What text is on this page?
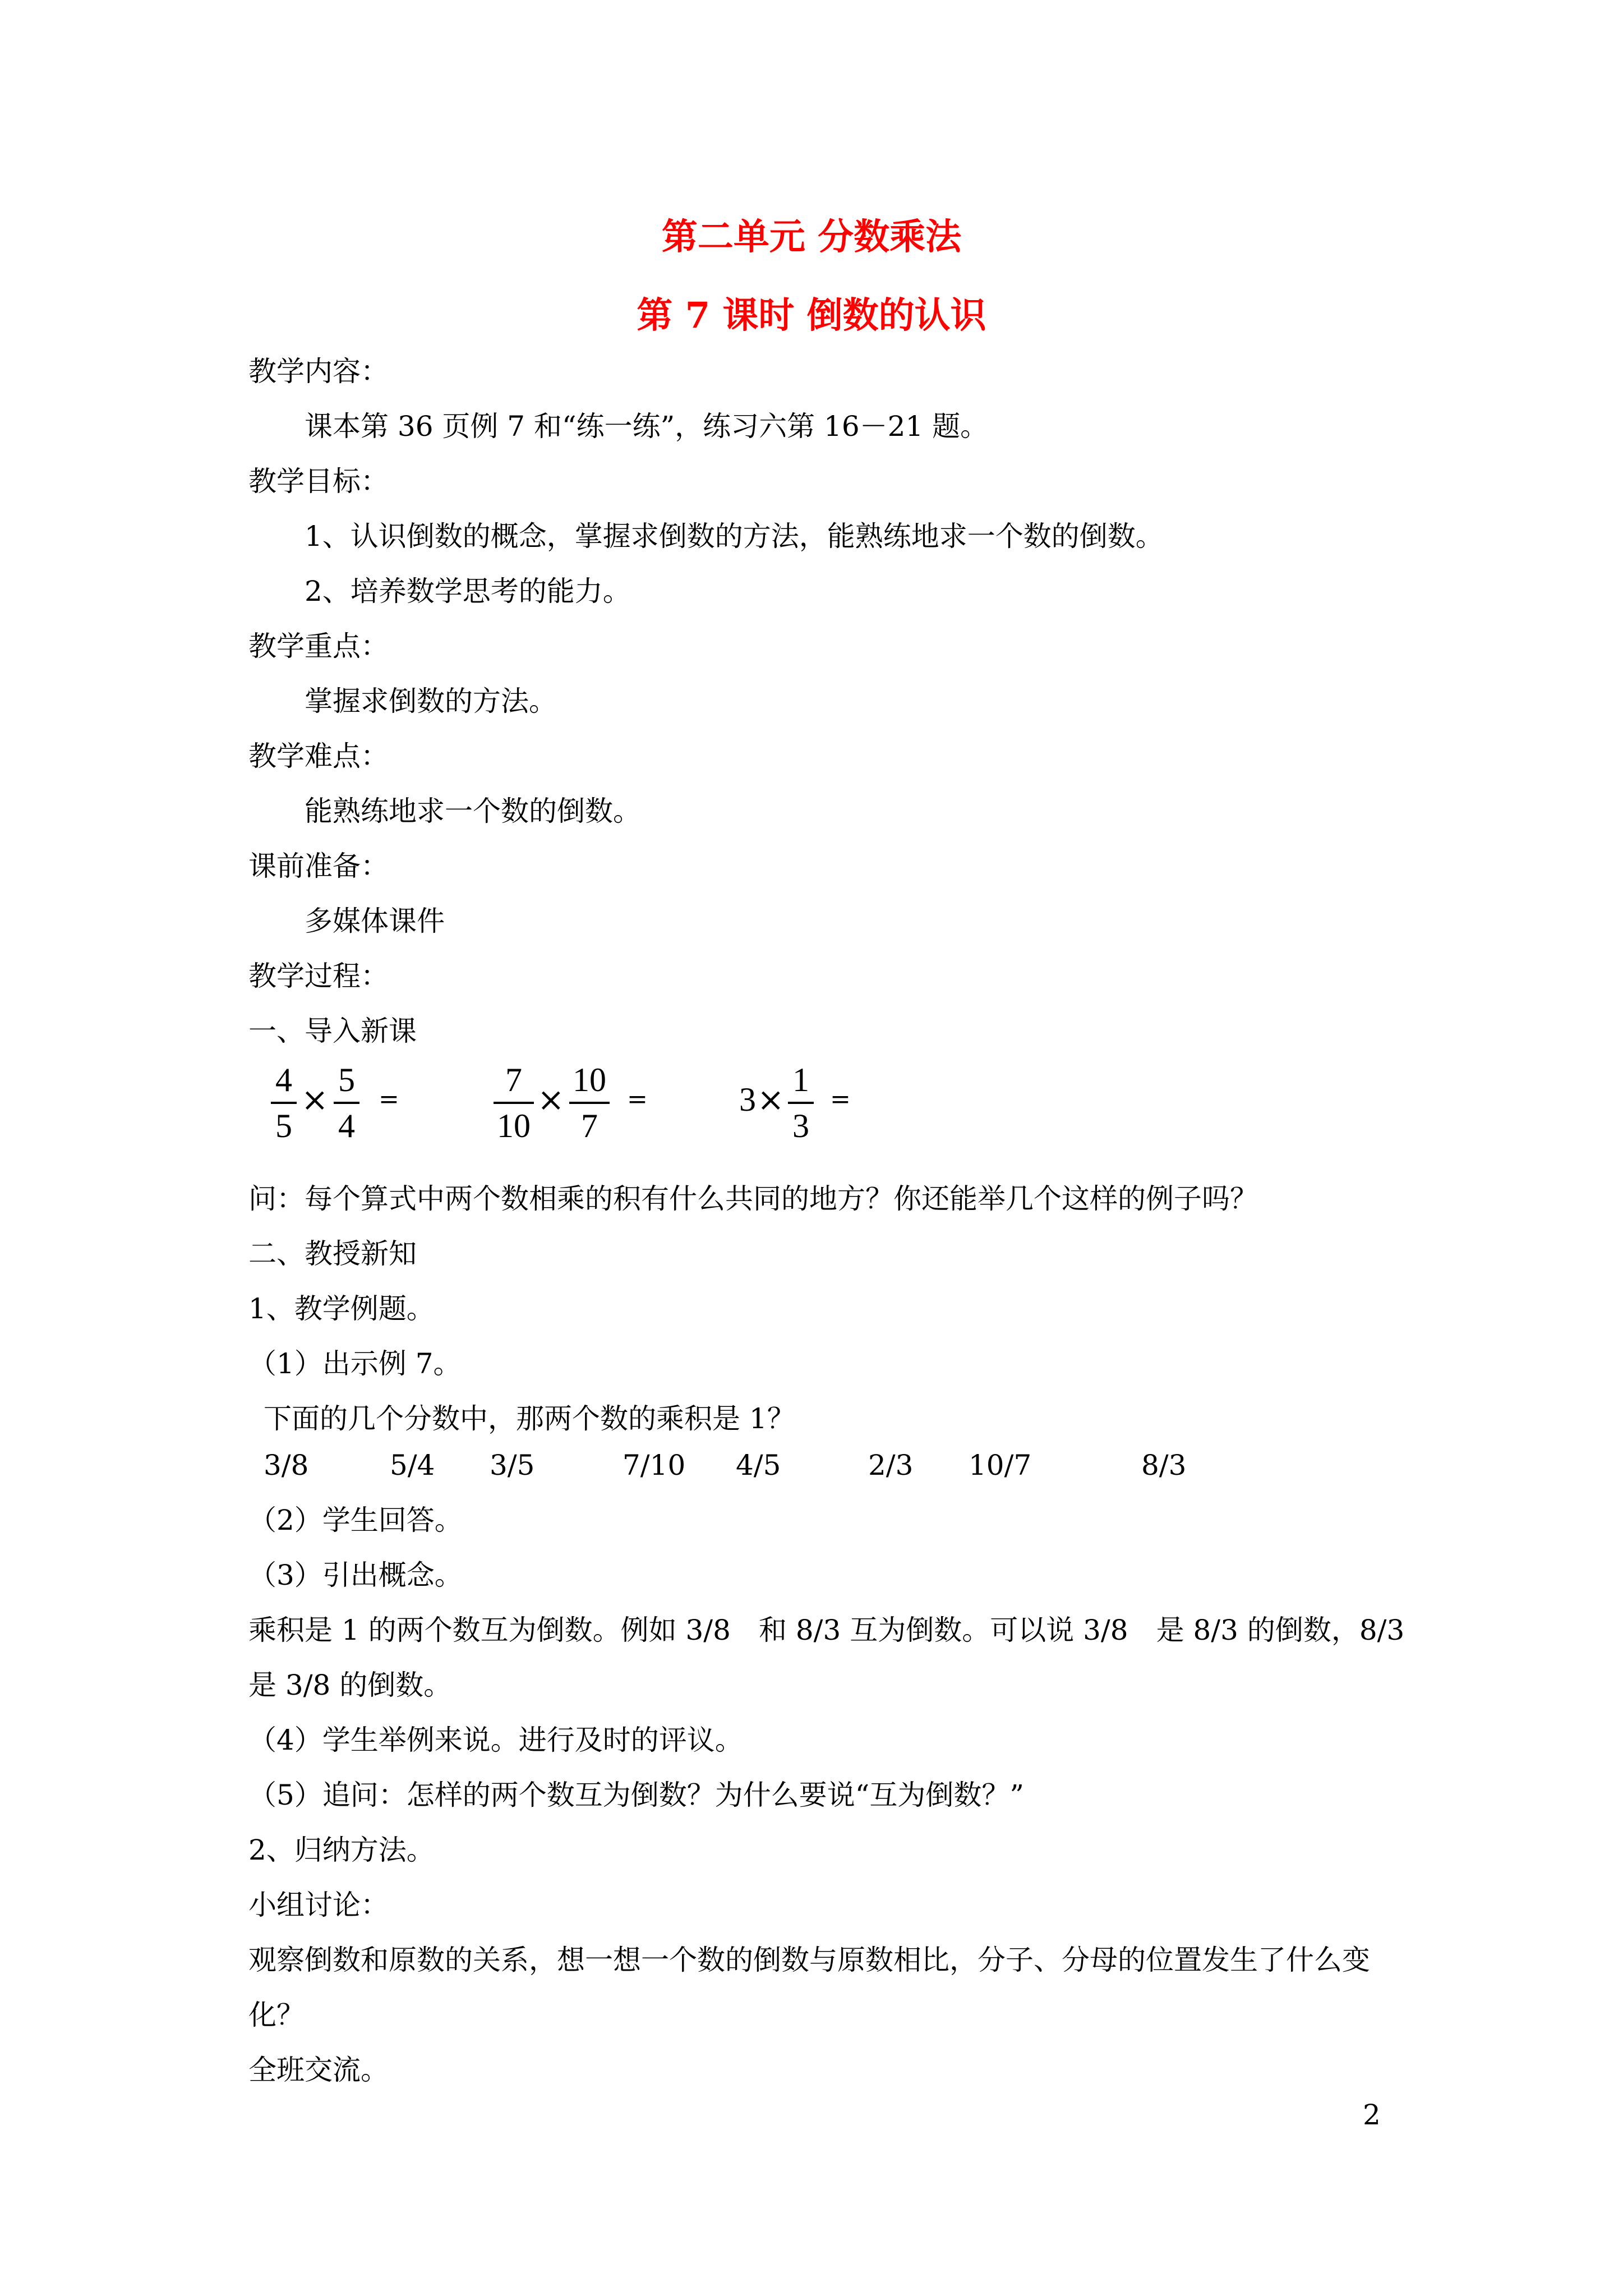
第二单元 分数乘法
第 7 课时 倒数的认识
教学内容：
课本第 36 页例 7 和“练一练”，练习六第 16－21 题。
教学目标：
1、认识倒数的概念，掌握求倒数的方法，能熟练地求一个数的倒数。
2、培养数学思考的能力。
教学重点：
掌握求倒数的方法。
教学难点：
能熟练地求一个数的倒数。
课前准备：
多媒体课件
教学过程：
一、导入新课
4
5
×
5
4
=
7
10
×
10
7
=	3 ×
1
3
=
问：每个算式中两个数相乘的积有什么共同的地方？你还能举几个这样的例子吗？
二、教授新知
1、教学例题。
（1）出示例 7。
下面的几个分数中，那两个数的乘积是 1？
3/8	5/4 3/5	7/10 4/5	2/3 10/7	8/3
（2）学生回答。
（3）引出概念。
乘积是 1 的两个数互为倒数。例如 3/8　和 8/3 互为倒数。可以说 3/8　是 8/3 的倒数，8/3
是 3/8 的倒数。
（4）学生举例来说。进行及时的评议。
（5）追问：怎样的两个数互为倒数？为什么要说“互为倒数？”
2、归纳方法。
小组讨论：
观察倒数和原数的关系，想一想一个数的倒数与原数相比，分子、分母的位置发生了什么变
化？
全班交流。
2
